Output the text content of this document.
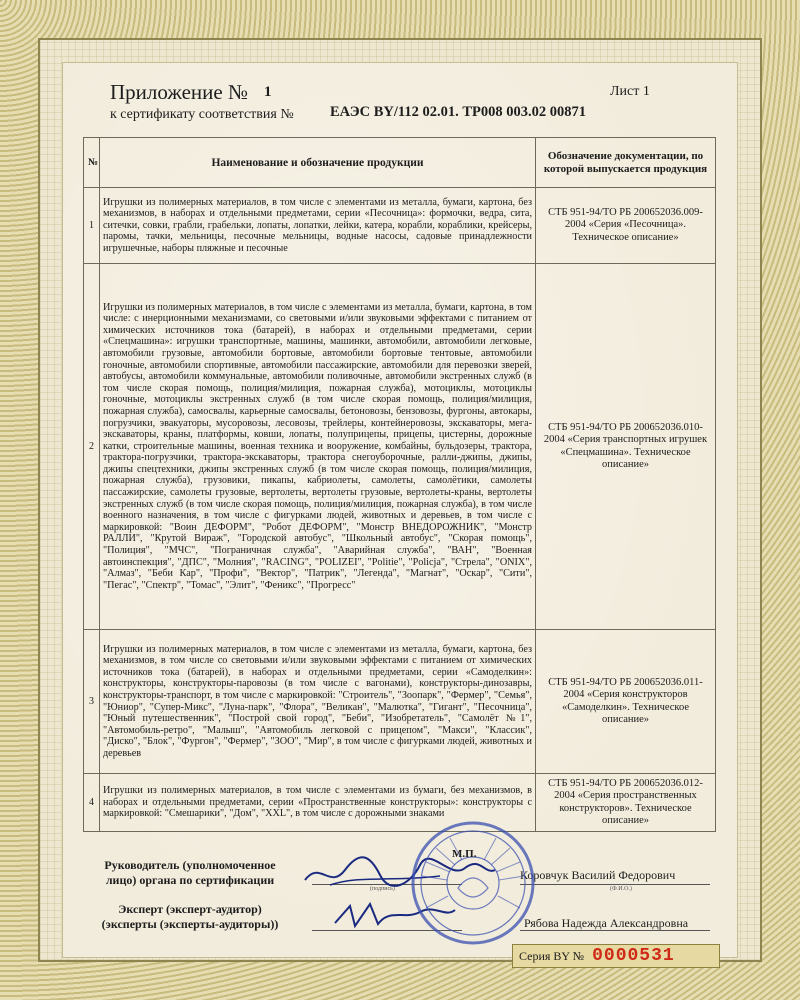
Приложение № 1	Лист 1
к сертификату соответствия №	ЕАЭС BY/112 02.01. ТР008 003.02 00871
№	Наименование и обозначение продукции	Обозначение документации, по которой выпускается продукция
1	Игрушки из полимерных материалов, в том числе с элементами из металла, бумаги, картона, без механизмов, в наборах и отдельными предметами, серии «Песочница»: формочки, ведра, сита, ситечки, совки, грабли, грабельки, лопаты, лопатки, лейки, катера, корабли, кораблики, крейсеры, паромы, тачки, мельницы, песочные мельницы, водные насосы, садовые принадлежности игрушечные, наборы пляжные и песочные	СТБ 951-94/ТО РБ 200652036.009-2004 «Серия «Песочница». Техническое описание»
2	Игрушки из полимерных материалов, в том числе с элементами из металла, бумаги, картона, в том числе: с инерционными механизмами, со световыми и/или звуковыми эффектами с питанием от химических источников тока (батарей), в наборах и отдельными предметами, серии «Спецмашина»: игрушки транспортные, машины, машинки, автомобили, автомобили легковые, автомобили грузовые, автомобили бортовые, автомобили бортовые тентовые, автомобили гоночные, автомобили спортивные, автомобили пассажирские, автомобили для перевозки зверей, автобусы, автомобили коммунальные, автомобили поливочные, автомобили экстренных служб (в том числе скорая помощь, полиция/милиция, пожарная служба), мотоциклы, мотоциклы гоночные, мотоциклы экстренных служб (в том числе скорая помощь, полиция/милиция, пожарная служба), самосвалы, карьерные самосвалы, бетоновозы, бензовозы, фургоны, автокары, погрузчики, эвакуаторы, мусоровозы, лесовозы, трейлеры, контейнеровозы, экскаваторы, мега-экскаваторы, краны, платформы, ковши, лопаты, полуприцепы, прицепы, цистерны, дорожные катки, строительные машины, военная техника и вооружение, комбайны, бульдозеры, трактора, трактора-погрузчики, трактора-экскаваторы, трактора снегоуборочные, ралли-джипы, джипы, джипы спецтехники, джипы экстренных служб (в том числе скорая помощь, полиция/милиция, пожарная служба), грузовики, пикапы, кабриолеты, самолеты, самолётики, самолеты пассажирские, самолеты грузовые, вертолеты, вертолеты грузовые, вертолеты-краны, вертолеты экстренных служб (в том числе скорая помощь, полиция/милиция, пожарная служба), в том числе военного назначения, в том числе с фигурками людей, животных и деревьев, в том числе с маркировкой: "Воин ДЕФОРМ", "Робот ДЕФОРМ", "Монстр ВНЕДОРОЖНИК", "Монстр РАЛЛИ", "Крутой Вираж", "Городской автобус", "Школьный автобус", "Скорая помощь", "Полиция", "МЧС", "Пограничная служба", "Аварийная служба", "ВАН", "Военная автоинспекция", "ДПС", "Молния", "RACING", "POLIZEI", "Politie", "Policja", "Стрела", "ONIX", "Алмаз", "Беби Кар", "Профи", "Вектор", "Патрик", "Легенда", "Магнат", "Оскар", "Сити", "Пегас", "Спектр", "Томас", "Элит", "Феникс", "Прогресс"	СТБ 951-94/ТО РБ 200652036.010-2004 «Серия транспортных игрушек «Спецмашина». Техническое описание»
3	Игрушки из полимерных материалов, в том числе с элементами из металла, бумаги, картона, без механизмов, в том числе со световыми и/или звуковыми эффектами с питанием от химических источников тока (батарей), в наборах и отдельными предметами, серии «Самоделкин»: конструкторы, конструкторы-паровозы (в том числе с вагонами), конструкторы-динозавры, конструкторы-транспорт, в том числе с маркировкой: "Строитель", "Зоопарк", "Фермер", "Семья", "Юниор", "Супер-Микс", "Луна-парк", "Флора", "Великан", "Малютка", "Гигант", "Песочница", "Юный путешественник", "Построй свой город", "Беби", "Изобретатель", "Самолёт №1", "Автомобиль-ретро", "Малыш", "Автомобиль легковой с прицепом", "Макси", "Классик", "Диско", "Блок", "Фургон", "Фермер", "ЗОО", "Мир", в том числе с фигурками людей, животных и деревьев	СТБ 951-94/ТО РБ 200652036.011-2004 «Серия конструкторов «Самоделкин». Техническое описание»
4	Игрушки из полимерных материалов, в том числе с элементами из бумаги, без механизмов, в наборах и отдельными предметами, серии «Пространственные конструкторы»: конструкторы с маркировкой: "Смешарики", "Дом", "XXL", в том числе с дорожными знаками	СТБ 951-94/ТО РБ 200652036.012-2004 «Серия пространственных конструкторов». Техническое описание»
Руководитель (уполномоченное лицо) органа по сертификации
(подпись)
Коровчук Василий Федорович
(Ф.И.О.)
Эксперт (эксперт-аудитор) (эксперты (эксперты-аудиторы))	Рябова Надежда Александровна
М.П.
Серия BY № 0000531
